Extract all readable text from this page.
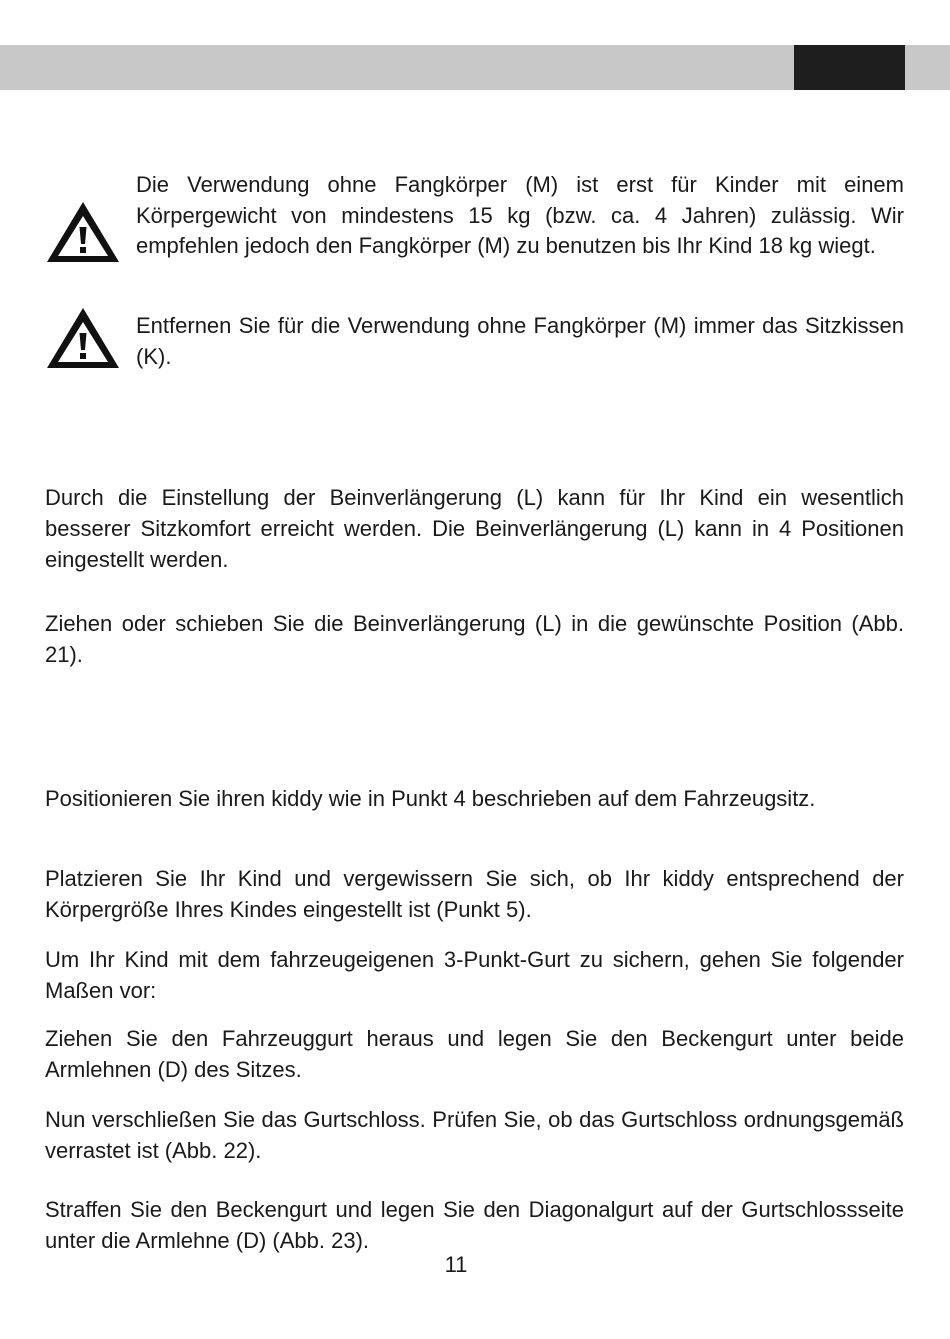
Die Verwendung ohne Fangkörper (M) ist erst für Kinder mit einem Körpergewicht von mindestens 15 kg (bzw. ca. 4 Jahren) zulässig. Wir empfehlen jedoch den Fangkörper (M) zu benutzen bis Ihr Kind 18 kg wiegt.

Entfernen Sie für die Verwendung ohne Fangkörper (M) immer das Sitzkissen (K).

Durch die Einstellung der Beinverlängerung (L) kann für Ihr Kind ein wesentlich besserer Sitzkomfort erreicht werden. Die Beinverlängerung (L) kann in 4 Positionen eingestellt werden.

Ziehen oder schieben Sie die Beinverlängerung (L) in die gewünschte Position (Abb. 21).

Positionieren Sie ihren kiddy wie in Punkt 4 beschrieben auf dem Fahrzeugsitz.

Platzieren Sie Ihr Kind und vergewissern Sie sich, ob Ihr kiddy entsprechend der Körpergröße Ihres Kindes eingestellt ist (Punkt 5).

Um Ihr Kind mit dem fahrzeugeigenen 3-Punkt-Gurt zu sichern, gehen Sie folgender Maßen vor:

Ziehen Sie den Fahrzeuggurt heraus und legen Sie den Beckengurt unter beide Armlehnen (D) des Sitzes.

Nun verschließen Sie das Gurtschloss. Prüfen Sie, ob das Gurtschloss ordnungsgemäß verrastet ist (Abb. 22).

Straffen Sie den Beckengurt und legen Sie den Diagonalgurt auf der Gurtschlossseite unter die Armlehne (D) (Abb. 23).

11
